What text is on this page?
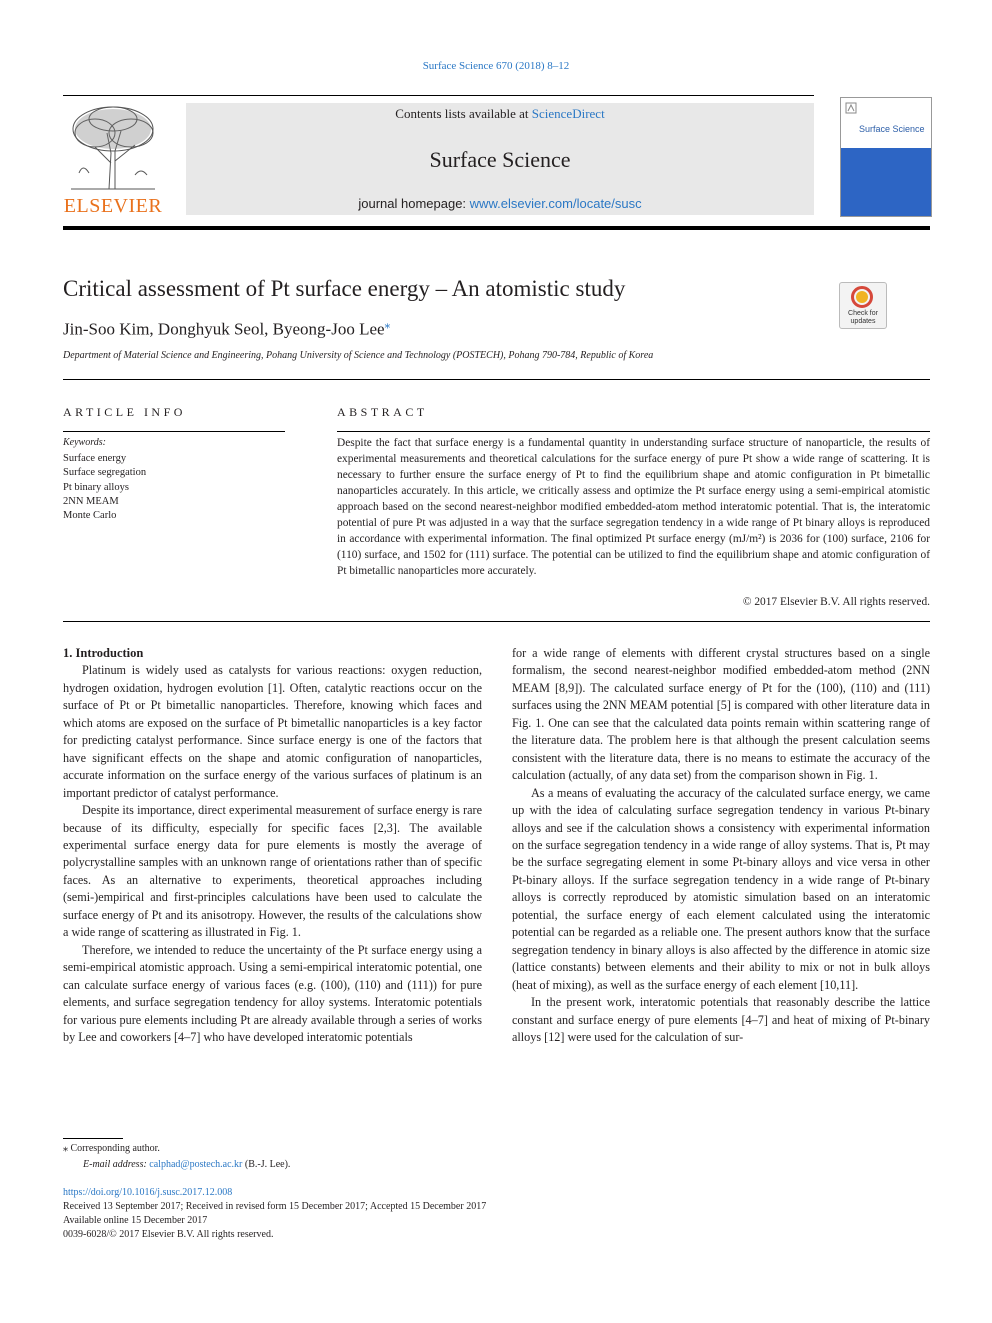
Surface Science 670 (2018) 8–12
ELSEVIER
Contents lists available at ScienceDirect
Surface Science
journal homepage: www.elsevier.com/locate/susc
Surface Science
Critical assessment of Pt surface energy – An atomistic study
Check for updates
Jin-Soo Kim, Donghyuk Seol, Byeong-Joo Lee⁎
Department of Material Science and Engineering, Pohang University of Science and Technology (POSTECH), Pohang 790-784, Republic of Korea
ARTICLE INFO
Keywords:
Surface energy
Surface segregation
Pt binary alloys
2NN MEAM
Monte Carlo
ABSTRACT
Despite the fact that surface energy is a fundamental quantity in understanding surface structure of nanoparticle, the results of experimental measurements and theoretical calculations for the surface energy of pure Pt show a wide range of scattering. It is necessary to further ensure the surface energy of Pt to find the equilibrium shape and atomic configuration in Pt bimetallic nanoparticles accurately. In this article, we critically assess and optimize the Pt surface energy using a semi-empirical atomistic approach based on the second nearest-neighbor modified embedded-atom method interatomic potential. That is, the interatomic potential of pure Pt was adjusted in a way that the surface segregation tendency in a wide range of Pt binary alloys is reproduced in accordance with experimental information. The final optimized Pt surface energy (mJ/m²) is 2036 for (100) surface, 2106 for (110) surface, and 1502 for (111) surface. The potential can be utilized to find the equilibrium shape and atomic configuration of Pt bimetallic nanoparticles more accurately.
© 2017 Elsevier B.V. All rights reserved.

1. Introduction

Platinum is widely used as catalysts for various reactions: oxygen reduction, hydrogen oxidation, hydrogen evolution [1]. Often, catalytic reactions occur on the surface of Pt or Pt bimetallic nanoparticles. Therefore, knowing which faces and which atoms are exposed on the surface of Pt bimetallic nanoparticles is a key factor for predicting catalyst performance. Since surface energy is one of the factors that have significant effects on the shape and atomic configuration of nanoparticles, accurate information on the surface energy of the various surfaces of platinum is an important predictor of catalyst performance.

Despite its importance, direct experimental measurement of surface energy is rare because of its difficulty, especially for specific faces [2,3]. The available experimental surface energy data for pure elements is mostly the average of polycrystalline samples with an unknown range of orientations rather than of specific faces. As an alternative to experiments, theoretical approaches including (semi-)empirical and first-principles calculations have been used to calculate the surface energy of Pt and its anisotropy. However, the results of the calculations show a wide range of scattering as illustrated in Fig. 1.

Therefore, we intended to reduce the uncertainty of the Pt surface energy using a semi-empirical atomistic approach. Using a semi-empirical interatomic potential, one can calculate surface energy of various faces (e.g. (100), (110) and (111)) for pure elements, and surface segregation tendency for alloy systems. Interatomic potentials for various pure elements including Pt are already available through a series of works by Lee and coworkers [4–7] who have developed interatomic potentials

for a wide range of elements with different crystal structures based on a single formalism, the second nearest-neighbor modified embedded-atom method (2NN MEAM [8,9]). The calculated surface energy of Pt for the (100), (110) and (111) surfaces using the 2NN MEAM potential [5] is compared with other literature data in Fig. 1. One can see that the calculated data points remain within scattering range of the literature data. The problem here is that although the present calculation seems consistent with the literature data, there is no means to estimate the accuracy of the calculation (actually, of any data set) from the comparison shown in Fig. 1.

As a means of evaluating the accuracy of the calculated surface energy, we came up with the idea of calculating surface segregation tendency in various Pt-binary alloys and see if the calculation shows a consistency with experimental information on the surface segregation tendency in a wide range of alloy systems. That is, Pt may be the surface segregating element in some Pt-binary alloys and vice versa in other Pt-binary alloys. If the surface segregation tendency in a wide range of Pt-binary alloys is correctly reproduced by atomistic simulation based on an interatomic potential, the surface energy of each element calculated using the interatomic potential can be regarded as a reliable one. The present authors know that the surface segregation tendency in binary alloys is also affected by the difference in atomic size (lattice constants) between elements and their ability to mix or not in bulk alloys (heat of mixing), as well as the surface energy of each element [10,11].

In the present work, interatomic potentials that reasonably describe the lattice constant and surface energy of pure elements [4–7] and heat of mixing of Pt-binary alloys [12] were used for the calculation of sur-

⁎ Corresponding author.
E-mail address: calphad@postech.ac.kr (B.-J. Lee).
https://doi.org/10.1016/j.susc.2017.12.008
Received 13 September 2017; Received in revised form 15 December 2017; Accepted 15 December 2017
Available online 15 December 2017
0039-6028/© 2017 Elsevier B.V. All rights reserved.
